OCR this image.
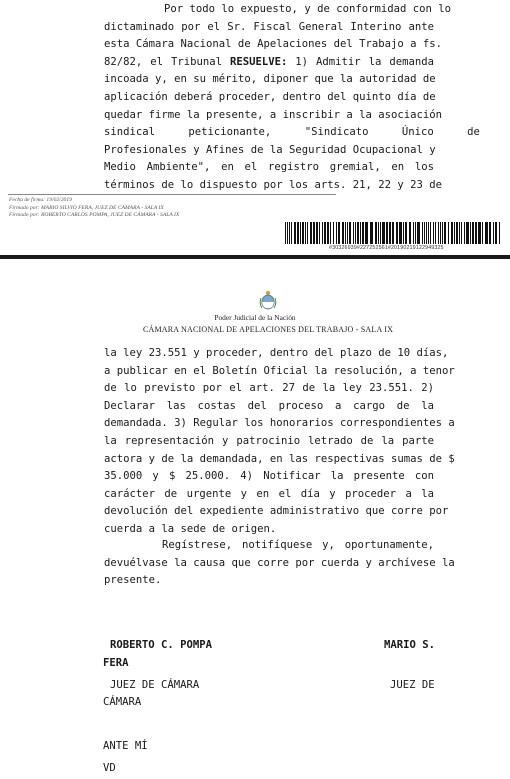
Por todo lo expuesto, y de conformidad con lo
dictaminado por el Sr. Fiscal General Interino ante
esta Cámara Nacional de Apelaciones del Trabajo a fs.
82/82, el Tribunal RESUELVE: 1) Admitir la demanda
incoada y, en su mérito, diponer que la autoridad de
aplicación deberá proceder, dentro del quinto día de
quedar firme la presente, a inscribir a la asociación
sindical peticionante, "Sindicato Único de
Profesionales y Afines de la Seguridad Ocupacional y
Medio Ambiente", en el registro gremial, en los
términos de lo dispuesto por los arts. 21, 22 y 23 de
Fecha de firma: 19/02/2019
Firmado por: MARIO SILVIO FERA, JUEZ DE CÁMARA - SALA IX
Firmado por: ROBERTO CARLOS POMPA, JUEZ DE CÁMARA - SALA IX
#30326939#227252561#20190219122949325
Poder Judicial de la Nación
CÁMARA NACIONAL DE APELACIONES DEL TRABAJO - SALA IX
la ley 23.551 y proceder, dentro del plazo de 10 días,
a publicar en el Boletín Oficial la resolución, a tenor
de lo previsto por el art. 27 de la ley 23.551. 2)
Declarar las costas del proceso a cargo de la
demandada. 3) Regular los honorarios correspondientes a
la representación y patrocinio letrado de la parte
actora y de la demandada, en las respectivas sumas de $
35.000 y $ 25.000. 4) Notificar la presente con
carácter de urgente y en el día y proceder a la
devolución del expediente administrativo que corre por
cuerda a la sede de origen.
Regístrese, notifíquese y, oportunamente,
devuélvase la causa que corre por cuerda y archívese la
presente.
ROBERTO C. POMPA	MARIO S.
FERA
JUEZ DE CÁMARA	JUEZ DE
CÁMARA
ANTE MÍ
VD
